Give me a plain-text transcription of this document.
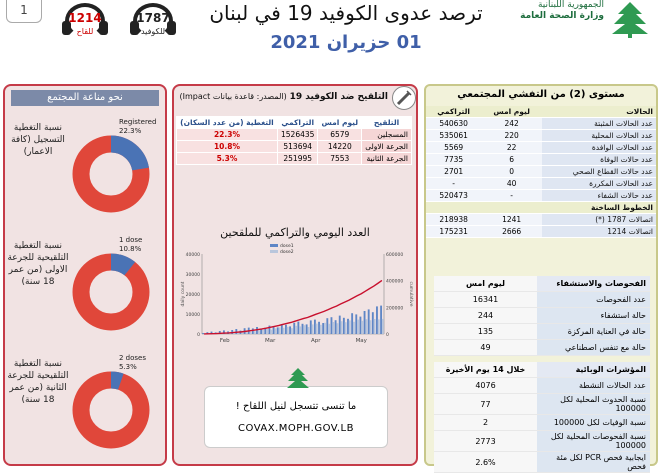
1
1214
للقاح
1787
للكوفيد
ترصد عدوى الكوفيد 19 في لبنان
01 حزيران 2021
الجمهورية اللبنانية
وزارة الصحة العامة
نحو مناعة المجتمع
نسبة التغطية التسجيل (كافة الاعمار)
Registered
22.3%
نسبة التغطية التلقيحية للجرعة الاولى (من عمر 18 سنة)
1 dose
10.8%
نسبة التغطية التلقيحية للجرعة الثانية (من عمر 18 سنة)
2 doses
5.3%
التلقيح ضد الكوفيد 19 (المصدر: قاعدة بيانات Impact)
التلقيح	ليوم امس	التراكمي	التغطية (من عدد السكان)
المسجلين	6579	1526435	22.3%
الجرعة الاولى	14220	513694	10.8%
الجرعة الثانية	7553	251995	5.3%
العدد اليومي والتراكمي للملقحين
0
10000
20000
30000
40000
0
200000
400000
600000
Feb	Mar	Apr	May
daily count	cumulative
dose1
dose2
ما تنسى تتسجل لنيل اللقاح !
COVAX.MOPH.GOV.LB
مستوى (2) من التفشي المجتمعي
الحالات	ليوم امس	التراكمي
عدد الحالات المثبتة	242	540630
عدد الحالات المحلية	220	535061
عدد الحالات الوافدة	22	5569
عدد حالات الوفاة	6	7735
عدد حالات القطاع الصحي	0	2701
عدد الحالات المكررة	40	-
عدد حالات الشفاء	-	520473
الخطوط الساخنة		
اتصالات 1787 (*)	1241	218938
اتصالات 1214	2666	175231
الفحوصات والاستشفاء	ليوم امس
عدد الفحوصات	16341
حالة استشفاء	244
حالة في العناية المركزة	135
حالة مع تنفس اصطناعي	49
المؤشرات الوبائية	خلال 14 يوم الأخيرة
عدد الحالات النشطة	4076
نسبة الحدوث المحلية لكل 100000	77
نسبة الوفيات لكل 100000	2
نسبة الفحوصات المحلية لكل 100000	2773
ايجابية فحص PCR لكل مئة فحص	2.6%
